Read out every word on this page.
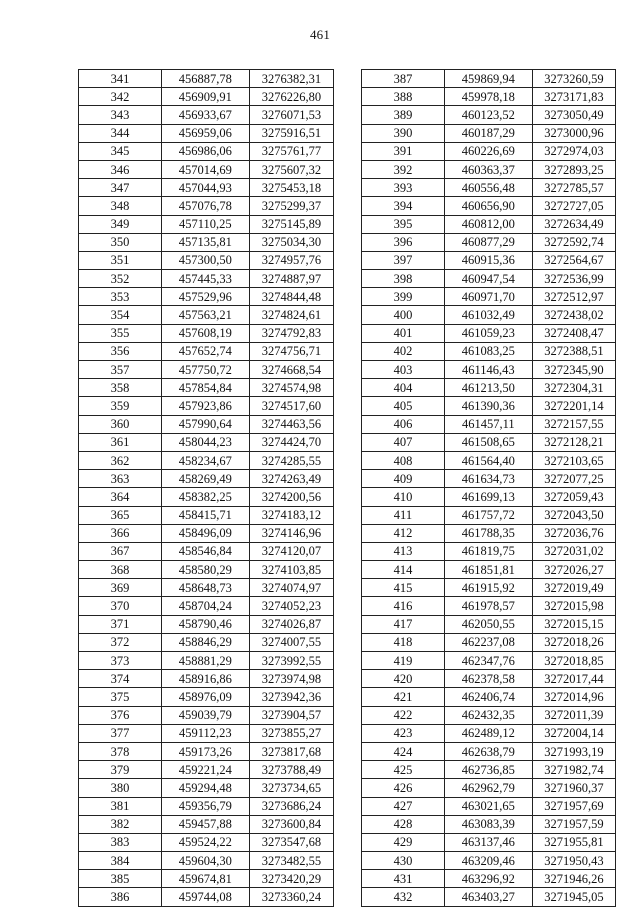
461
341	456887,78	3276382,31
342	456909,91	3276226,80
343	456933,67	3276071,53
344	456959,06	3275916,51
345	456986,06	3275761,77
346	457014,69	3275607,32
347	457044,93	3275453,18
348	457076,78	3275299,37
349	457110,25	3275145,89
350	457135,81	3275034,30
351	457300,50	3274957,76
352	457445,33	3274887,97
353	457529,96	3274844,48
354	457563,21	3274824,61
355	457608,19	3274792,83
356	457652,74	3274756,71
357	457750,72	3274668,54
358	457854,84	3274574,98
359	457923,86	3274517,60
360	457990,64	3274463,56
361	458044,23	3274424,70
362	458234,67	3274285,55
363	458269,49	3274263,49
364	458382,25	3274200,56
365	458415,71	3274183,12
366	458496,09	3274146,96
367	458546,84	3274120,07
368	458580,29	3274103,85
369	458648,73	3274074,97
370	458704,24	3274052,23
371	458790,46	3274026,87
372	458846,29	3274007,55
373	458881,29	3273992,55
374	458916,86	3273974,98
375	458976,09	3273942,36
376	459039,79	3273904,57
377	459112,23	3273855,27
378	459173,26	3273817,68
379	459221,24	3273788,49
380	459294,48	3273734,65
381	459356,79	3273686,24
382	459457,88	3273600,84
383	459524,22	3273547,68
384	459604,30	3273482,55
385	459674,81	3273420,29
386	459744,08	3273360,24
387	459869,94	3273260,59
388	459978,18	3273171,83
389	460123,52	3273050,49
390	460187,29	3273000,96
391	460226,69	3272974,03
392	460363,37	3272893,25
393	460556,48	3272785,57
394	460656,90	3272727,05
395	460812,00	3272634,49
396	460877,29	3272592,74
397	460915,36	3272564,67
398	460947,54	3272536,99
399	460971,70	3272512,97
400	461032,49	3272438,02
401	461059,23	3272408,47
402	461083,25	3272388,51
403	461146,43	3272345,90
404	461213,50	3272304,31
405	461390,36	3272201,14
406	461457,11	3272157,55
407	461508,65	3272128,21
408	461564,40	3272103,65
409	461634,73	3272077,25
410	461699,13	3272059,43
411	461757,72	3272043,50
412	461788,35	3272036,76
413	461819,75	3272031,02
414	461851,81	3272026,27
415	461915,92	3272019,49
416	461978,57	3272015,98
417	462050,55	3272015,15
418	462237,08	3272018,26
419	462347,76	3272018,85
420	462378,58	3272017,44
421	462406,74	3272014,96
422	462432,35	3272011,39
423	462489,12	3272004,14
424	462638,79	3271993,19
425	462736,85	3271982,74
426	462962,79	3271960,37
427	463021,65	3271957,69
428	463083,39	3271957,59
429	463137,46	3271955,81
430	463209,46	3271950,43
431	463296,92	3271946,26
432	463403,27	3271945,05
